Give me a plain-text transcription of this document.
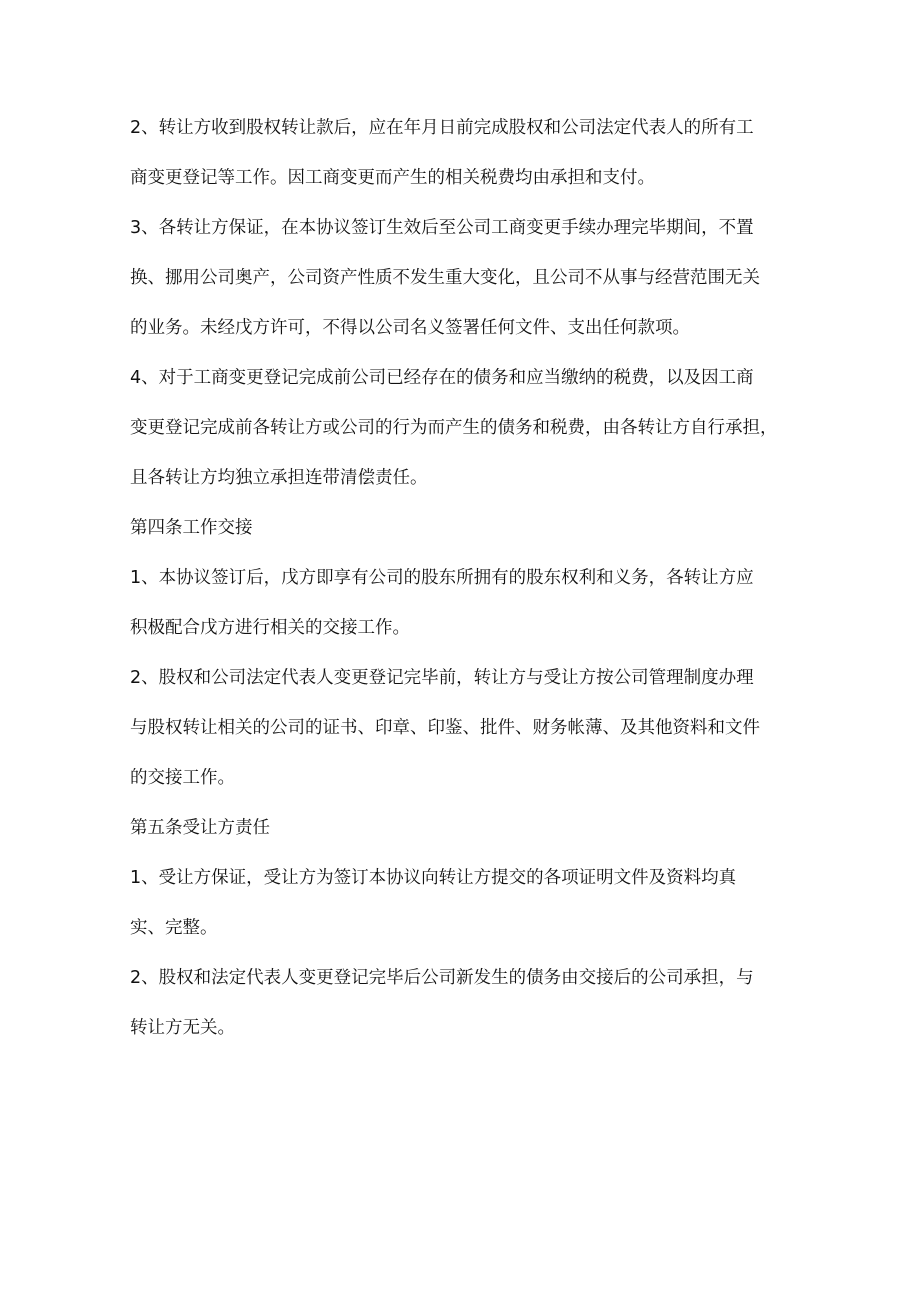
2、转让方收到股权转让款后，应在年月日前完成股权和公司法定代表人的所有工
商变更登记等工作。因工商变更而产生的相关税费均由承担和支付。
3、各转让方保证，在本协议签订生效后至公司工商变更手续办理完毕期间，不置
换、挪用公司奥产，公司资产性质不发生重大变化，且公司不从事与经营范围无关
的业务。未经戊方许可，不得以公司名义签署任何文件、支出任何款项。
4、对于工商变更登记完成前公司已经存在的债务和应当缴纳的税费，以及因工商
变更登记完成前各转让方或公司的行为而产生的债务和税费，由各转让方自行承担，
且各转让方均独立承担连带清偿责任。
第四条工作交接
1、本协议签订后，戊方即享有公司的股东所拥有的股东权利和义务，各转让方应
积极配合戊方进行相关的交接工作。
2、股权和公司法定代表人变更登记完毕前，转让方与受让方按公司管理制度办理
与股权转让相关的公司的证书、印章、印鉴、批件、财务帐薄、及其他资料和文件
的交接工作。
第五条受让方责任
1、受让方保证，受让方为签订本协议向转让方提交的各项证明文件及资料均真
实、完整。
2、股权和法定代表人变更登记完毕后公司新发生的债务由交接后的公司承担，与
转让方无关。
